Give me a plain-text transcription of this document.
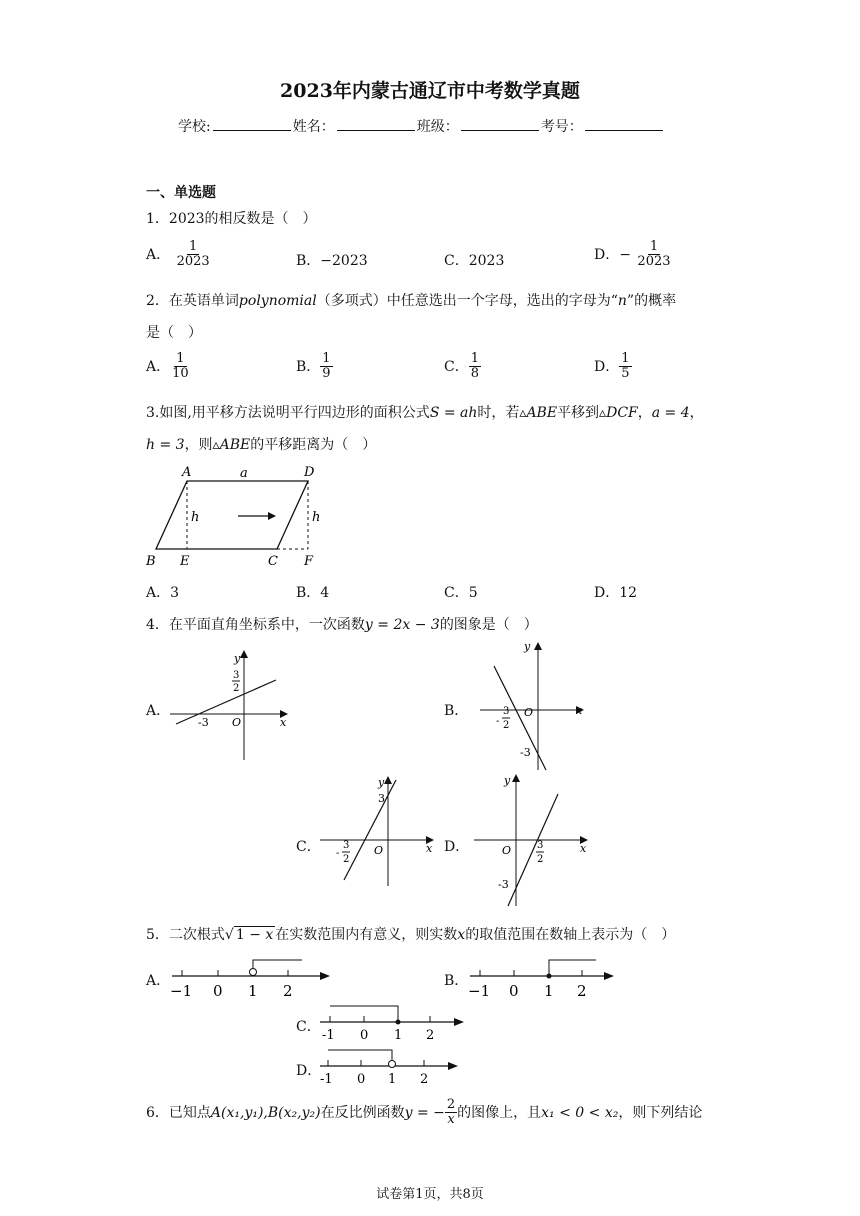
2023年内蒙古通辽市中考数学真题
学校:	姓名：	班级：	考号：
一、单选题
1．2023的相反数是（　）
A． $\frac{1}{2023}$	B．−2023	C．2023	D．− $\frac{1}{2023}$
2．在英语单词polynomial（多项式）中任意选出一个字母，选出的字母为“n”的概率
是（　）
A． $\frac{1}{10}$	B． $\frac{1}{9}$	C． $\frac{1}{8}$	D． $\frac{1}{5}$
3.如图,用平移方法说明平行四边形的面积公式S = ah时，若▵ABE平移到▵DCF，a = 4，
h = 3，则▵ABE的平移距离为（　）
A	D
a
h	h
B E	C F
A．3	B．4	C．5	D．12
4．在平面直角坐标系中，一次函数y = 2x − 3的图象是（　）
A．
y
x
O
-3
3
2
B．
y
x
O
-
3
2
-3
C．
y
x
O
3
-
3
2
D．
y
x
O	3
2
-3
5．二次根式√ 1 − x 在实数范围内有意义，则实数x的取值范围在数轴上表示为（　）
A．
−1 0 1 2
B．
−1 0 1 2
C．
-1 0 1 2
D．
-1 0 1 2
6．已知点A(x₁,y₁),B(x₂,y₂)在反比例函数y = − $\frac{2}{x}$ 的图像上，且x₁ < 0 < x₂，则下列结论
试卷第1页，共8页
